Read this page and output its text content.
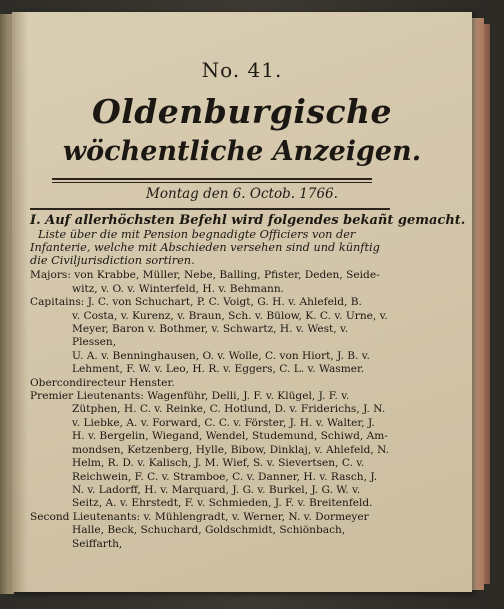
No. 41.
Oldenburgische
wöchentliche Anzeigen.
Montag den 6. Octob. 1766.
I. Auf allerhöchsten Befehl wird folgendes bekañt gemacht.
Liste über die mit Pension begnadigte Officiers von der Infanterie, welche mit Abschieden versehen sind und künftig die Civiljurisdiction sortiren.
Majors: von Krabbe, Müller, Nebe, Balling, Pfister, Deden, Seide-
witz, v. O. v. Winterfeld, H. v. Behmann.
Capitains: J. C. von Schuchart, P. C. Voigt, G. H. v. Ahlefeld, B.
v. Costa, v. Kurenz, v. Braun, Sch. v. Bülow, K. C. v. Urne, v.
Meyer, Baron v. Bothmer, v. Schwartz, H. v. West, v. Plessen,
U. A. v. Benninghausen, O. v. Wolle, C. von Hiort, J. B. v.
Lehment, F. W. v. Leo, H. R. v. Eggers, C. L. v. Wasmer.
Obercondirecteur Henster.
Premier Lieutenants: Wagenführ, Delli, J. F. v. Klügel, J. F. v.
Zütphen, H. C. v. Reinke, C. Hotlund, D. v. Friderichs, J. N.
v. Liebke, A. v. Forward, C. C. v. Förster, J. H. v. Walter, J.
H. v. Bergelin, Wiegand, Wendel, Studemund, Schiwd, Am-
mondsen, Ketzenberg, Hylle, Bibow, Dinklaj, v. Ahlefeld, N.
Helm, R. D. v. Kalisch, J. M. Wief, S. v. Sievertsen, C. v.
Reichwein, F. C. v. Stramboe, C. v. Danner, H. v. Rasch, J.
N. v. Ladorff, H. v. Marquard, J. G. v. Burkel, J. G. W. v.
Seitz, A. v. Ehrstedt, F. v. Schmieden, J. F. v. Breitenfeld.
Second Lieutenants: v. Mühlengradt, v. Werner, N. v. Dormeyer
Halle, Beck, Schuchard, Goldschmidt, Schiönbach, Seiffarth,
